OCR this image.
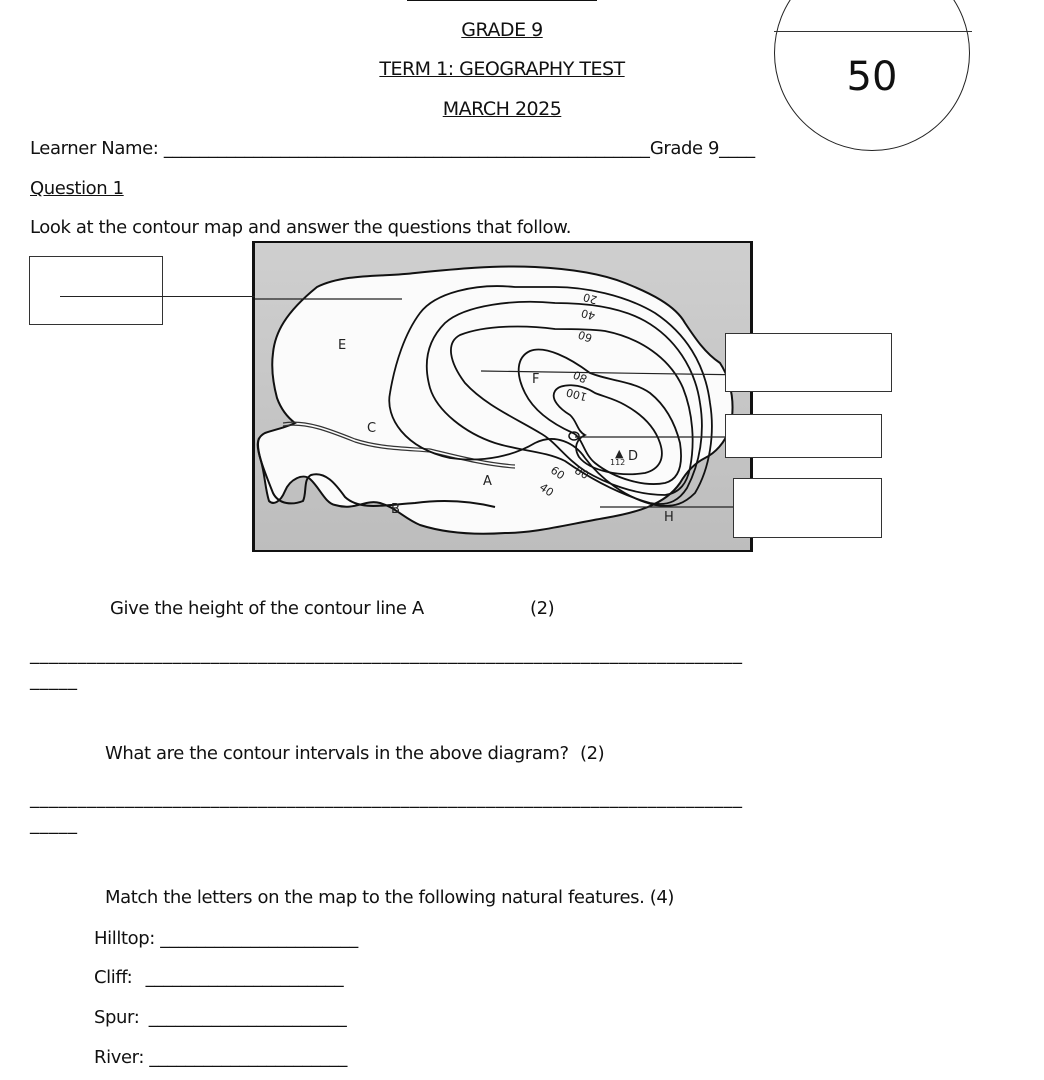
GRADE 9
TERM 1: GEOGRAPHY TEST
MARCH 2025
50
Learner Name: ______________________________________________________Grade 9____
Question 1
Look at the contour map and answer the questions that follow.
E
C
A
B
F
D
H
▲
112
20
40
60
80
100
60 80
40
Give the height of the contour line A	(2)
___________________________________________________________________________
_____
What are the contour intervals in the above diagram? (2)
___________________________________________________________________________
_____
Match the letters on the map to the following natural features. (4)
Hilltop: ______________________
Cliff: ______________________
Spur: ______________________
River: ______________________
